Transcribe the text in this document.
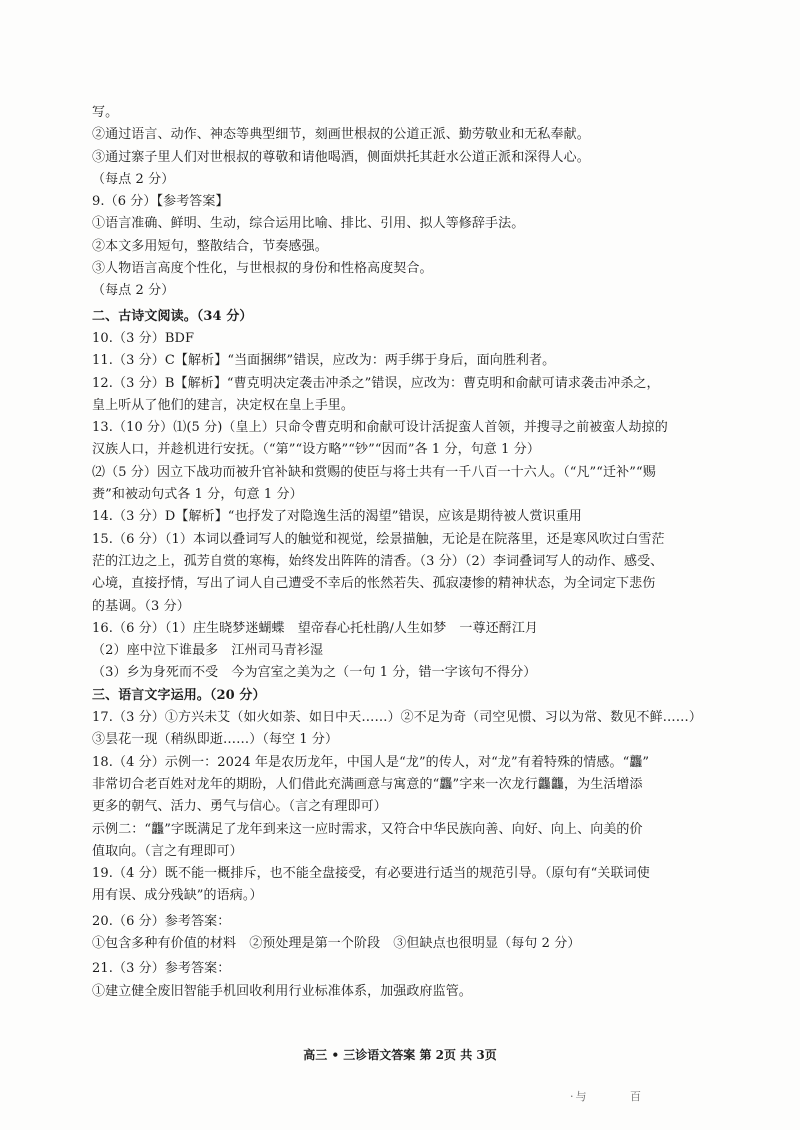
写。
②通过语言、动作、神态等典型细节，刻画世根叔的公道正派、勤劳敬业和无私奉献。
③通过寨子里人们对世根叔的尊敬和请他喝酒，侧面烘托其赶水公道正派和深得人心。
（每点 2 分）
9.（6 分）【参考答案】
①语言准确、鲜明、生动，综合运用比喻、排比、引用、拟人等修辞手法。
②本文多用短句，整散结合，节奏感强。
③人物语言高度个性化，与世根叔的身份和性格高度契合。
（每点 2 分）
二、古诗文阅读。（34 分）
10.（3 分）BDF
11.（3 分）C【解析】“当面捆绑”错误，应改为：两手绑于身后，面向胜利者。
12.（3 分）B【解析】“曹克明决定袭击冲杀之”错误，应改为：曹克明和俞献可请求袭击冲杀之，
皇上听从了他们的建言，决定权在皇上手里。
13.（10 分）⑴(5 分)（皇上）只命令曹克明和俞献可设计活捉蛮人首领，并搜寻之前被蛮人劫掠的
汉族人口，并趁机进行安抚。（“第”“设方略”“钞”“因而”各 1 分，句意 1 分）
⑵（5 分）因立下战功而被升官补缺和赏赐的使臣与将士共有一千八百一十六人。（“凡”“迁补”“赐
赉”和被动句式各 1 分，句意 1 分）
14.（3 分）D【解析】“也抒发了对隐逸生活的渴望”错误，应该是期待被人赏识重用
15.（6 分）（1）本词以叠词写人的触觉和视觉，绘景描触，无论是在院落里，还是寒风吹过白雪茫
茫的江边之上，孤芳自赏的寒梅，始终发出阵阵的清香。（3 分）（2）李词叠词写人的动作、感受、
心境，直接抒情，写出了词人自己遭受不幸后的怅然若失、孤寂凄惨的精神状态，为全词定下悲伤
的基调。（3 分）
16.（6 分）（1）庄生晓梦迷蝴蝶　望帝春心托杜鹃/人生如梦　一尊还酹江月
（2）座中泣下谁最多　江州司马青衫湿
（3）乡为身死而不受　今为宫室之美为之（一句 1 分，错一字该句不得分）
三、语言文字运用。（20 分）
17.（3 分）①方兴未艾（如火如荼、如日中天……）②不足为奇（司空见惯、习以为常、数见不鲜……）
③昙花一现（稍纵即逝……）（每空 1 分）
18.（4 分）示例一：2024 年是农历龙年，中国人是“龙”的传人，对“龙”有着特殊的情感。“龘”
非常切合老百姓对龙年的期盼，人们借此充满画意与寓意的“龘”字来一次龙行龘龘，为生活增添
更多的朝气、活力、勇气与信心。（言之有理即可）
示例二：“龘”字既满足了龙年到来这一应时需求，又符合中华民族向善、向好、向上、向美的价
值取向。（言之有理即可）
19.（4 分）既不能一概排斥，也不能全盘接受，有必要进行适当的规范引导。（原句有“关联词使
用有误、成分残缺”的语病。）
20.（6 分）参考答案：
①包含多种有价值的材料　②预处理是第一个阶段　③但缺点也很明显（每句 2 分）
21.（3 分）参考答案：
①建立健全废旧智能手机回收利用行业标准体系，加强政府监管。
高三 • 三诊语文答案 第 2页 共 3页
·与	百
